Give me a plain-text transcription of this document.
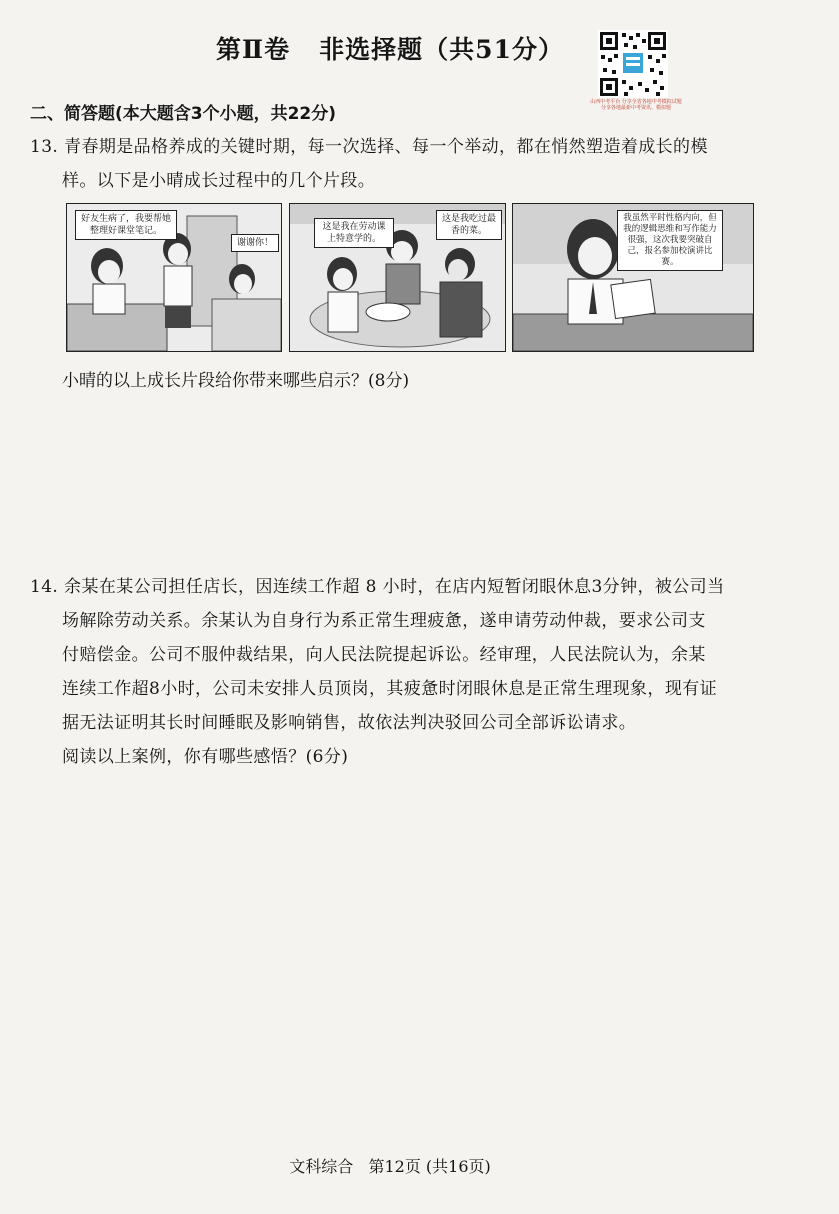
第Ⅱ卷   非选择题（共51分）
山西中考平台 分享全省各地中考模拟试题 分享各地最新中考资讯、模拟题
二、简答题(本大题含3个小题，共22分)
13. 青春期是品格养成的关键时期，每一次选择、每一个举动，都在悄然塑造着成长的模
样。以下是小晴成长过程中的几个片段。
好友生病了，我要帮她整理好课堂笔记。
谢谢你！
这是我在劳动课上特意学的。
这是我吃过最香的菜。
我虽然平时性格内向，但我的逻辑思维和写作能力很强，这次我要突破自己，报名参加校演讲比赛。
小晴的以上成长片段给你带来哪些启示？(8分)
14. 余某在某公司担任店长，因连续工作超 8 小时，在店内短暂闭眼休息3分钟，被公司当
场解除劳动关系。余某认为自身行为系正常生理疲惫，遂申请劳动仲裁，要求公司支
付赔偿金。公司不服仲裁结果，向人民法院提起诉讼。经审理，人民法院认为，余某
连续工作超8小时，公司未安排人员顶岗，其疲惫时闭眼休息是正常生理现象，现有证
据无法证明其长时间睡眠及影响销售，故依法判决驳回公司全部诉讼请求。
阅读以上案例，你有哪些感悟？(6分)
文科综合   第12页 (共16页)
